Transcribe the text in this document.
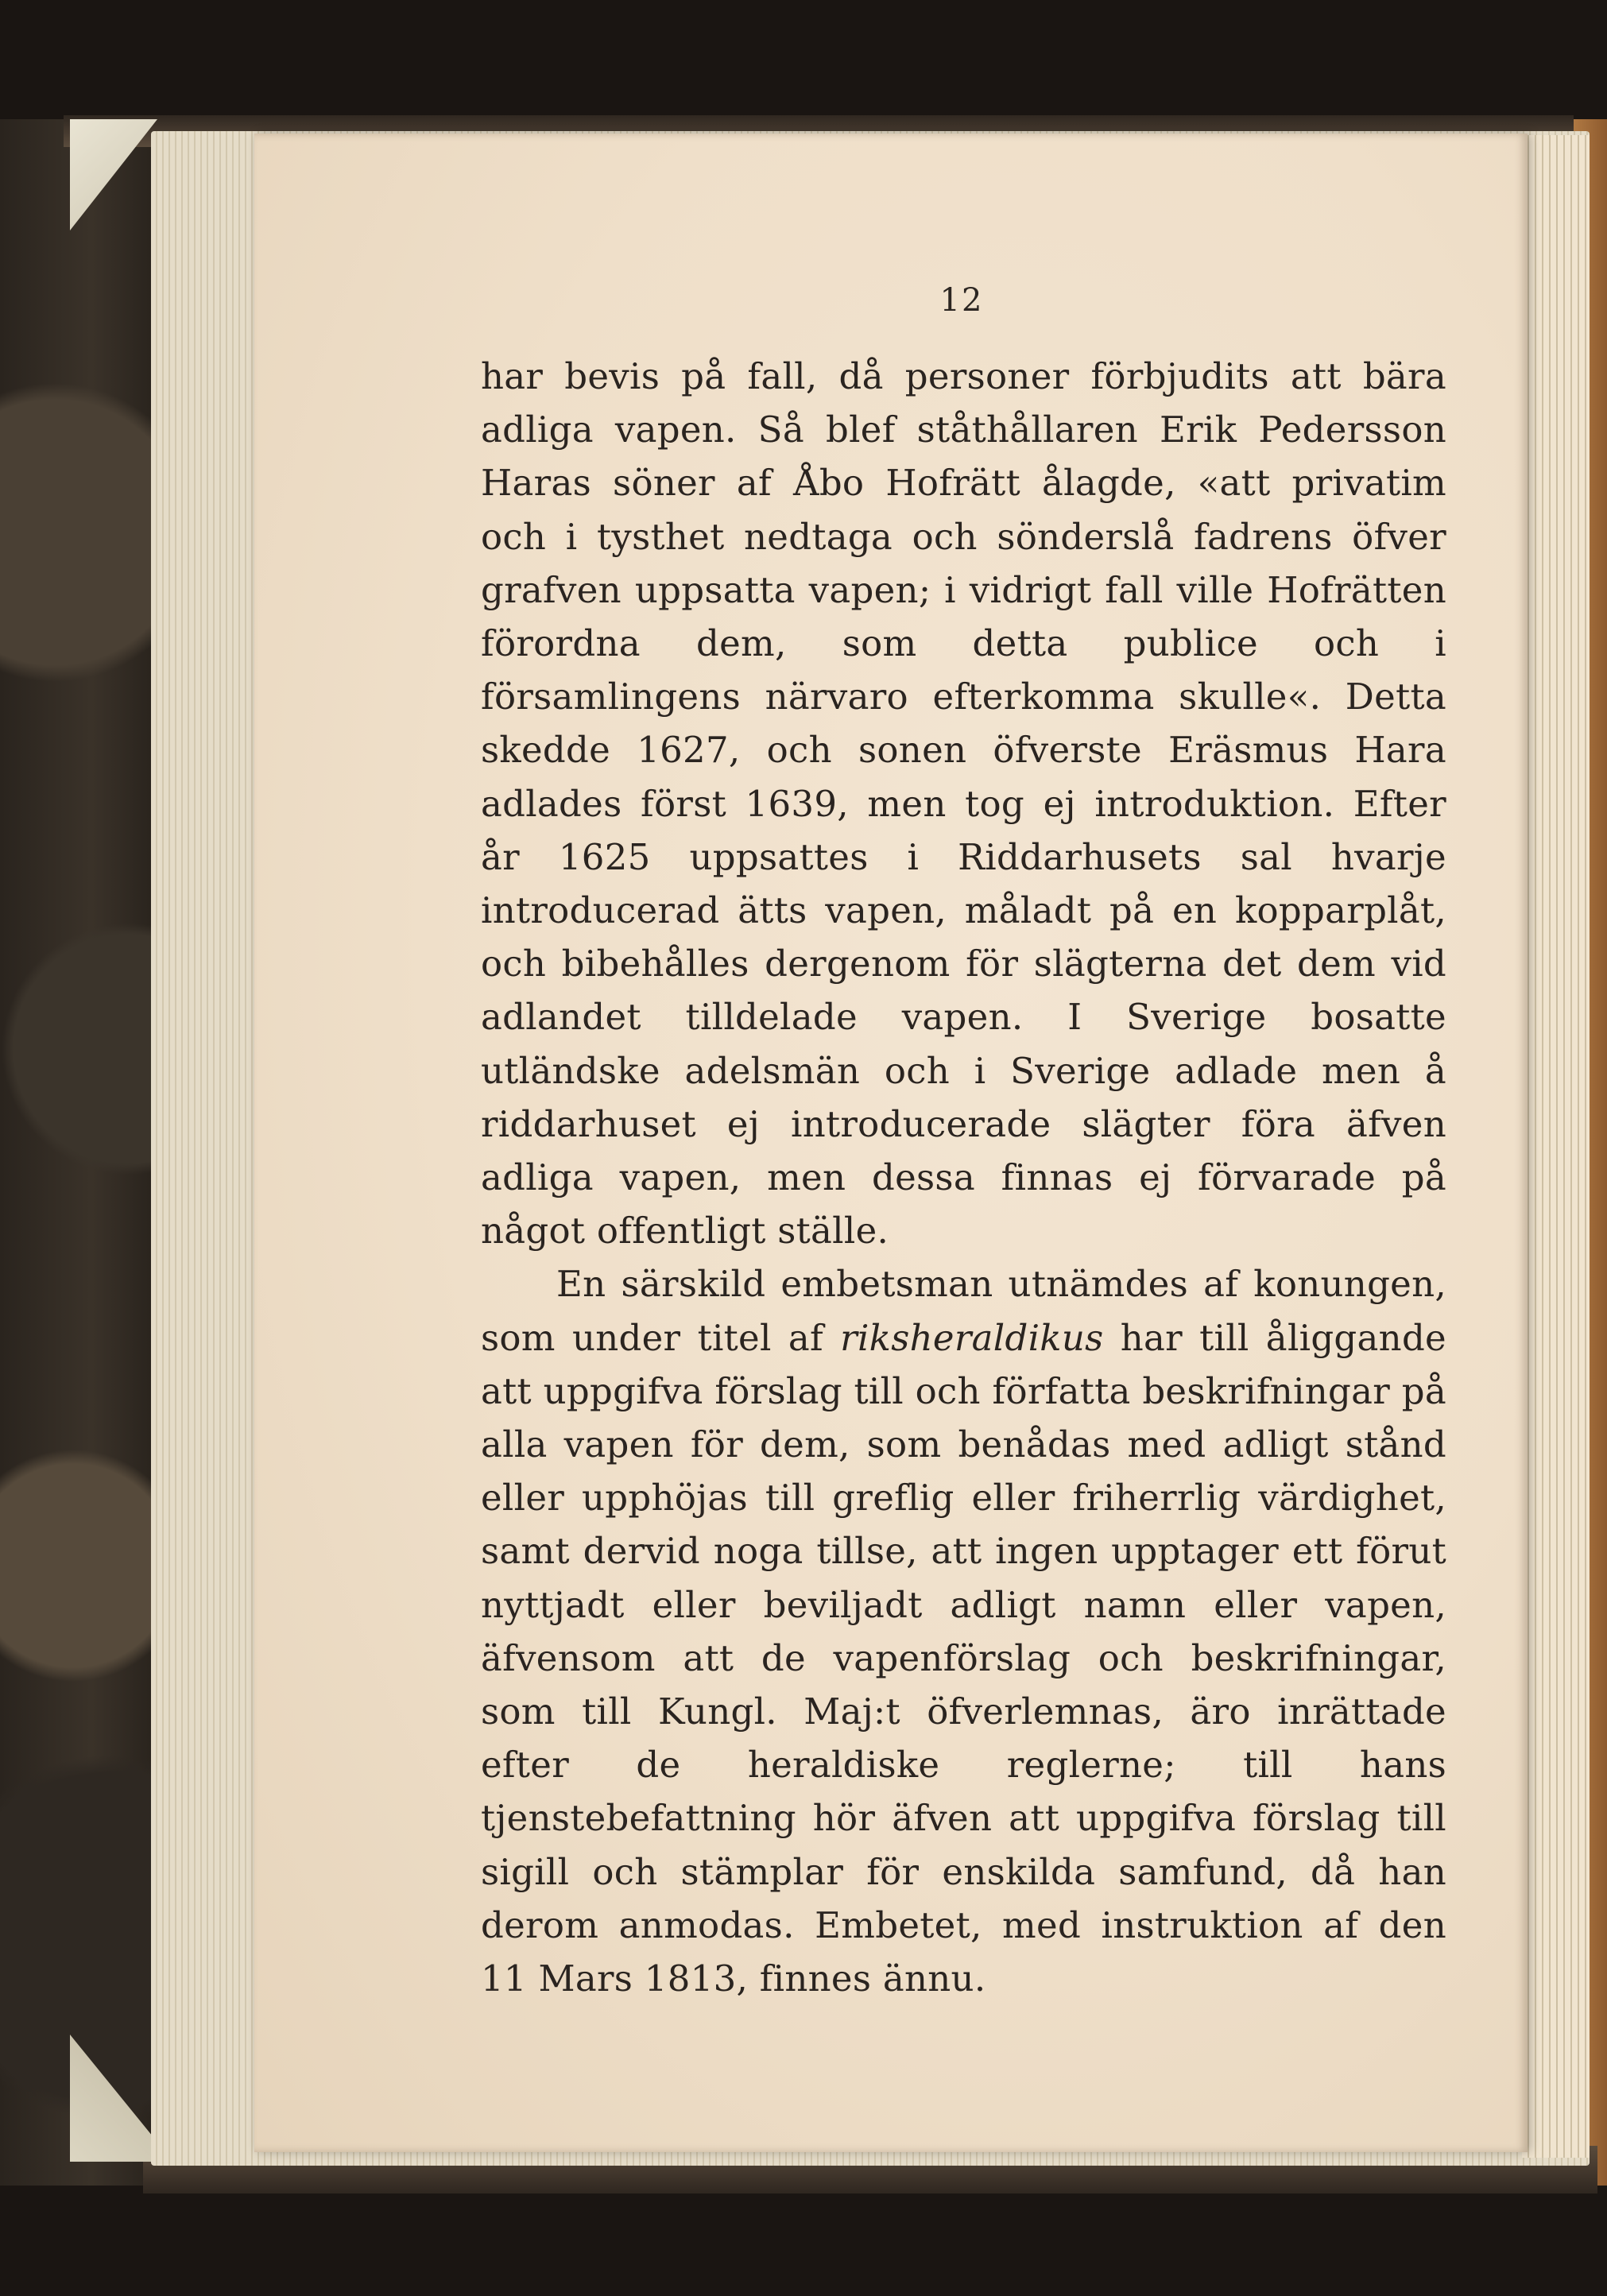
12

har bevis på fall, då personer förbjudits att bära adliga vapen. Så blef ståthållaren Erik Pedersson Haras söner af Åbo Hofrätt ålagde, «att privatim och i tysthet nedtaga och sönderslå fadrens öfver grafven uppsatta vapen; i vidrigt fall ville Hofrätten förordna dem, som detta publice och i församlingens närvaro efterkomma skulle«. Detta skedde 1627, och sonen öfverste Eräsmus Hara adlades först 1639, men tog ej introduktion. Efter år 1625 uppsattes i Riddarhusets sal hvarje introducerad ätts vapen, måladt på en kopparplåt, och bibehålles dergenom för slägterna det dem vid adlandet tilldelade vapen. I Sverige bosatte utländske adelsmän och i Sverige adlade men å riddarhuset ej introducerade slägter föra äfven adliga vapen, men dessa finnas ej förvarade på något offentligt ställe.

En särskild embetsman utnämdes af konungen, som under titel af riksheraldikus har till åliggande att uppgifva förslag till och författa beskrifningar på alla vapen för dem, som benådas med adligt stånd eller upphöjas till greflig eller friherrlig värdighet, samt dervid noga tillse, att ingen upptager ett förut nyttjadt eller beviljadt adligt namn eller vapen, äfvensom att de vapenförslag och beskrifningar, som till Kungl. Maj:t öfverlemnas, äro inrättade efter de heraldiske reglerne; till hans tjenstebefattning hör äfven att uppgifva förslag till sigill och stämplar för enskilda samfund, då han derom anmodas. Embetet, med instruktion af den 11 Mars 1813, finnes ännu.
